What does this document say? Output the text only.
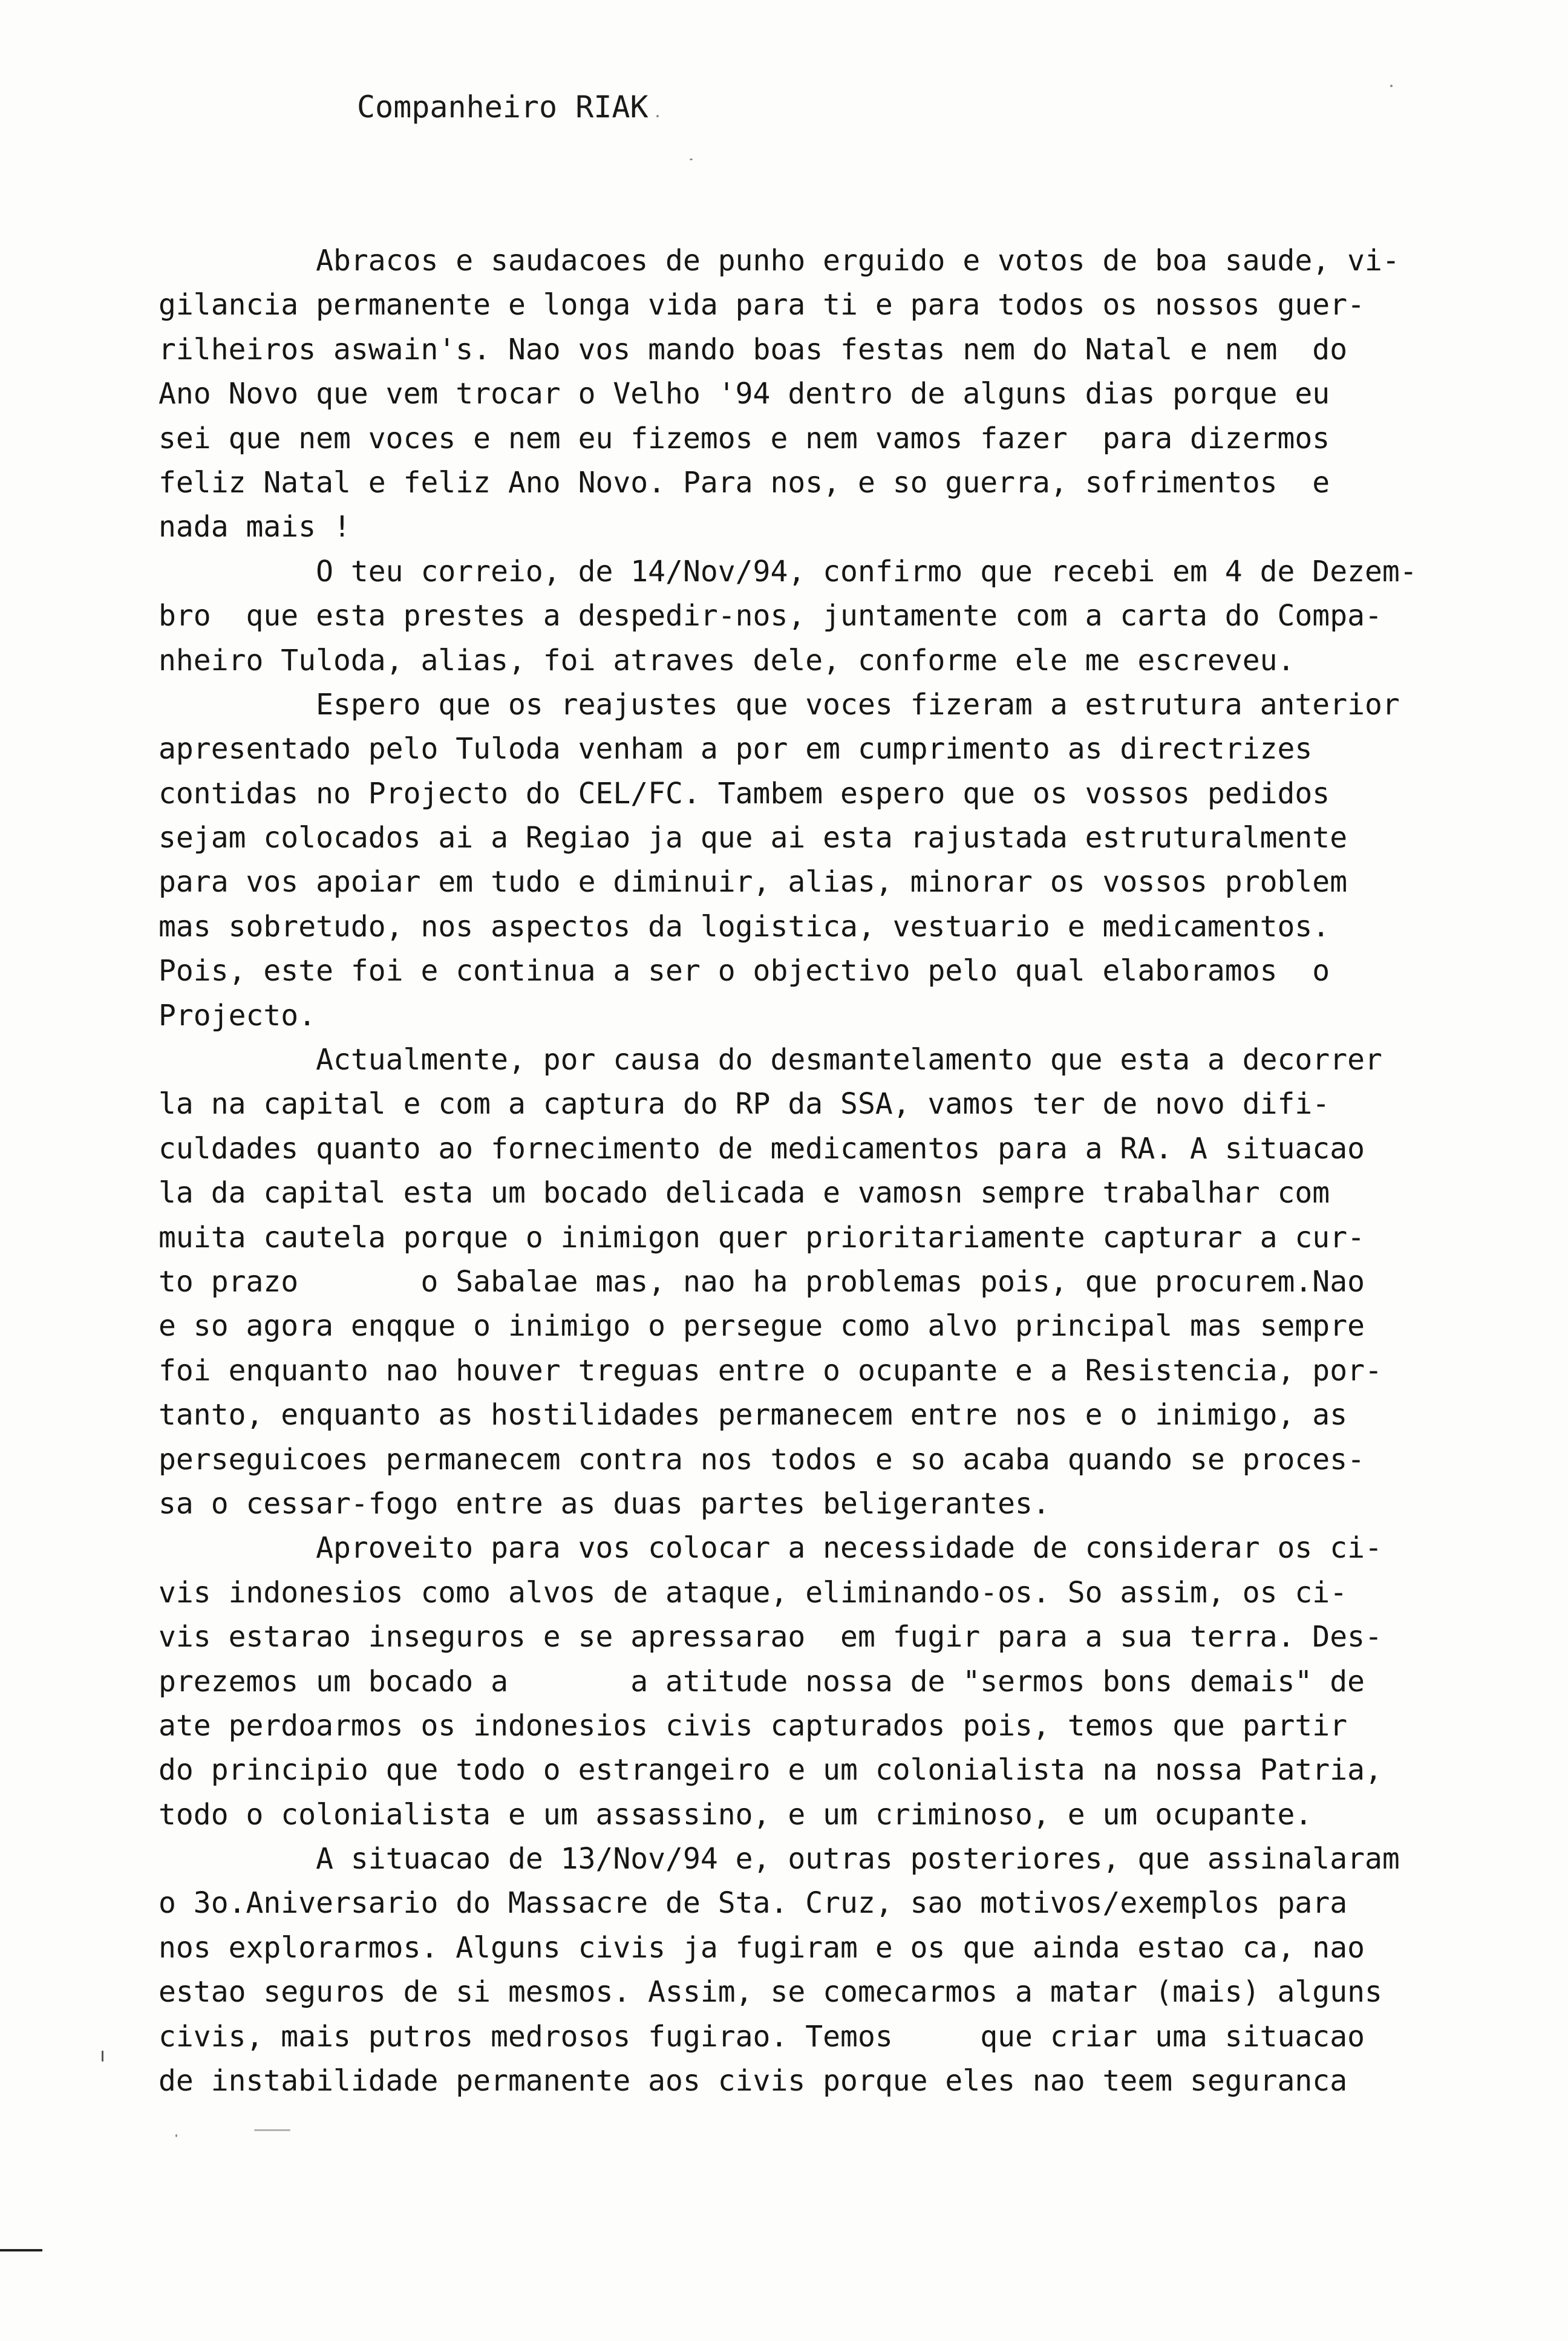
Companheiro RIAK
Abracos e saudacoes de punho erguido e votos de boa saude, vi-
gilancia permanente e longa vida para ti e para todos os nossos guer-
rilheiros aswain's. Nao vos mando boas festas nem do Natal e nem  do
Ano Novo que vem trocar o Velho '94 dentro de alguns dias porque eu
sei que nem voces e nem eu fizemos e nem vamos fazer  para dizermos
feliz Natal e feliz Ano Novo. Para nos, e so guerra, sofrimentos  e
nada mais !
O teu correio, de 14/Nov/94, confirmo que recebi em 4 de Dezem-
bro  que esta prestes a despedir-nos, juntamente com a carta do Compa-
nheiro Tuloda, alias, foi atraves dele, conforme ele me escreveu.
Espero que os reajustes que voces fizeram a estrutura anterior
apresentado pelo Tuloda venham a por em cumprimento as directrizes
contidas no Projecto do CEL/FC. Tambem espero que os vossos pedidos
sejam colocados ai a Regiao ja que ai esta rajustada estruturalmente
para vos apoiar em tudo e diminuir, alias, minorar os vossos problem
mas sobretudo, nos aspectos da logistica, vestuario e medicamentos.
Pois, este foi e continua a ser o objectivo pelo qual elaboramos  o
Projecto.
Actualmente, por causa do desmantelamento que esta a decorrer
la na capital e com a captura do RP da SSA, vamos ter de novo difi-
culdades quanto ao fornecimento de medicamentos para a RA. A situacao
la da capital esta um bocado delicada e vamosn sempre trabalhar com
muita cautela porque o inimigon quer prioritariamente capturar a cur-
to prazo       o Sabalae mas, nao ha problemas pois, que procurem.Nao
e so agora enqque o inimigo o persegue como alvo principal mas sempre
foi enquanto nao houver treguas entre o ocupante e a Resistencia, por-
tanto, enquanto as hostilidades permanecem entre nos e o inimigo, as
perseguicoes permanecem contra nos todos e so acaba quando se proces-
sa o cessar-fogo entre as duas partes beligerantes.
Aproveito para vos colocar a necessidade de considerar os ci-
vis indonesios como alvos de ataque, eliminando-os. So assim, os ci-
vis estarao inseguros e se apressarao  em fugir para a sua terra. Des-
prezemos um bocado a       a atitude nossa de "sermos bons demais" de
ate perdoarmos os indonesios civis capturados pois, temos que partir
do principio que todo o estrangeiro e um colonialista na nossa Patria,
todo o colonialista e um assassino, e um criminoso, e um ocupante.
A situacao de 13/Nov/94 e, outras posteriores, que assinalaram
o 3o.Aniversario do Massacre de Sta. Cruz, sao motivos/exemplos para
nos explorarmos. Alguns civis ja fugiram e os que ainda estao ca, nao
estao seguros de si mesmos. Assim, se comecarmos a matar (mais) alguns
civis, mais putros medrosos fugirao. Temos     que criar uma situacao
de instabilidade permanente aos civis porque eles nao teem seguranca
